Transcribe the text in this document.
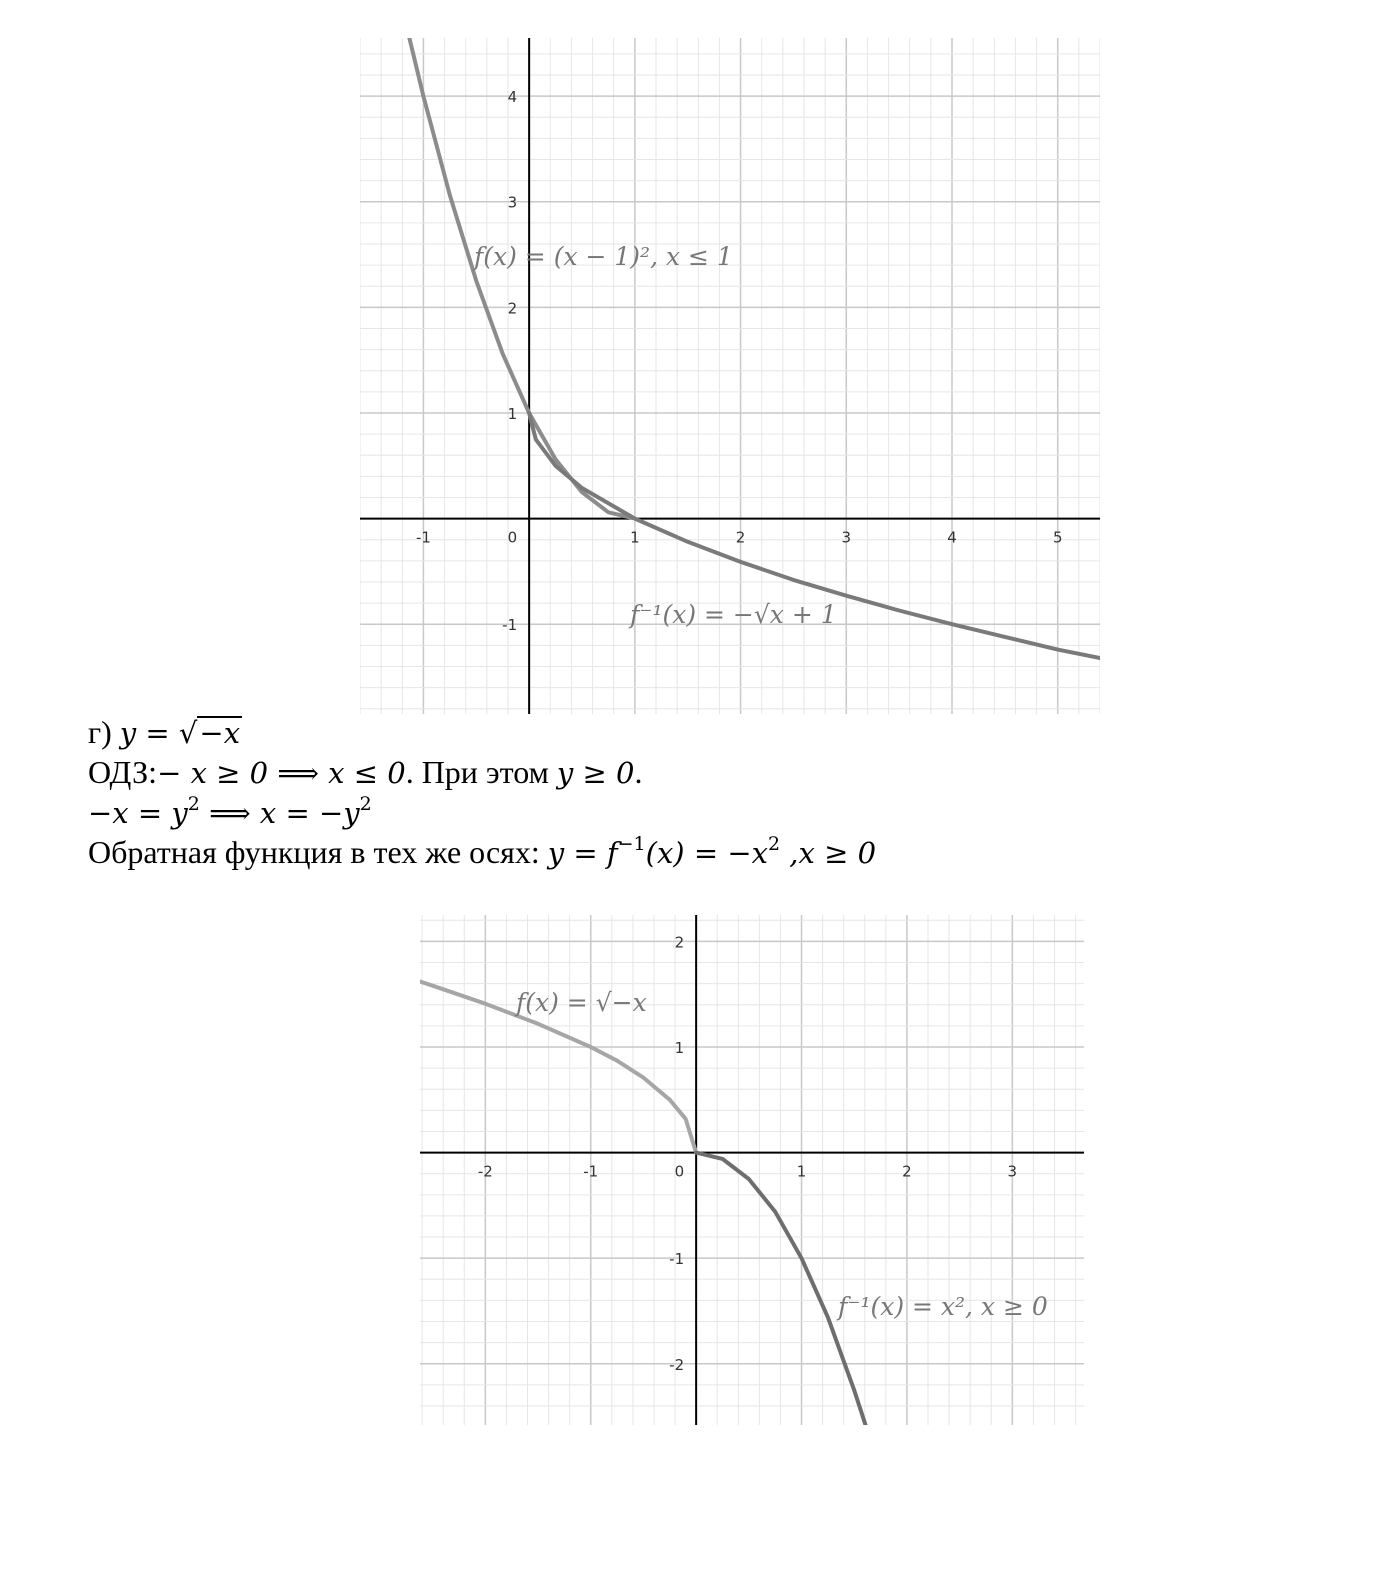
-1	1	2	3	4	5
-1
1
2
3
4
0
f(x) = (x − 1)², x ≤ 1
f⁻¹(x) = −√x + 1
г) y = √−x
ОДЗ:− x ≥ 0 ⟹ x ≤ 0. При этом y ≥ 0.
$-x = y^2$ ⟹ $x = -y^2$
Обратная функция в тех же осях: $y = f^{-1}(x) = -x^2$ ,x ≥ 0
-2	-1	1	2	3
-2
-1
1
2
0
f(x) = √−x
f⁻¹(x) = x², x ≥ 0
